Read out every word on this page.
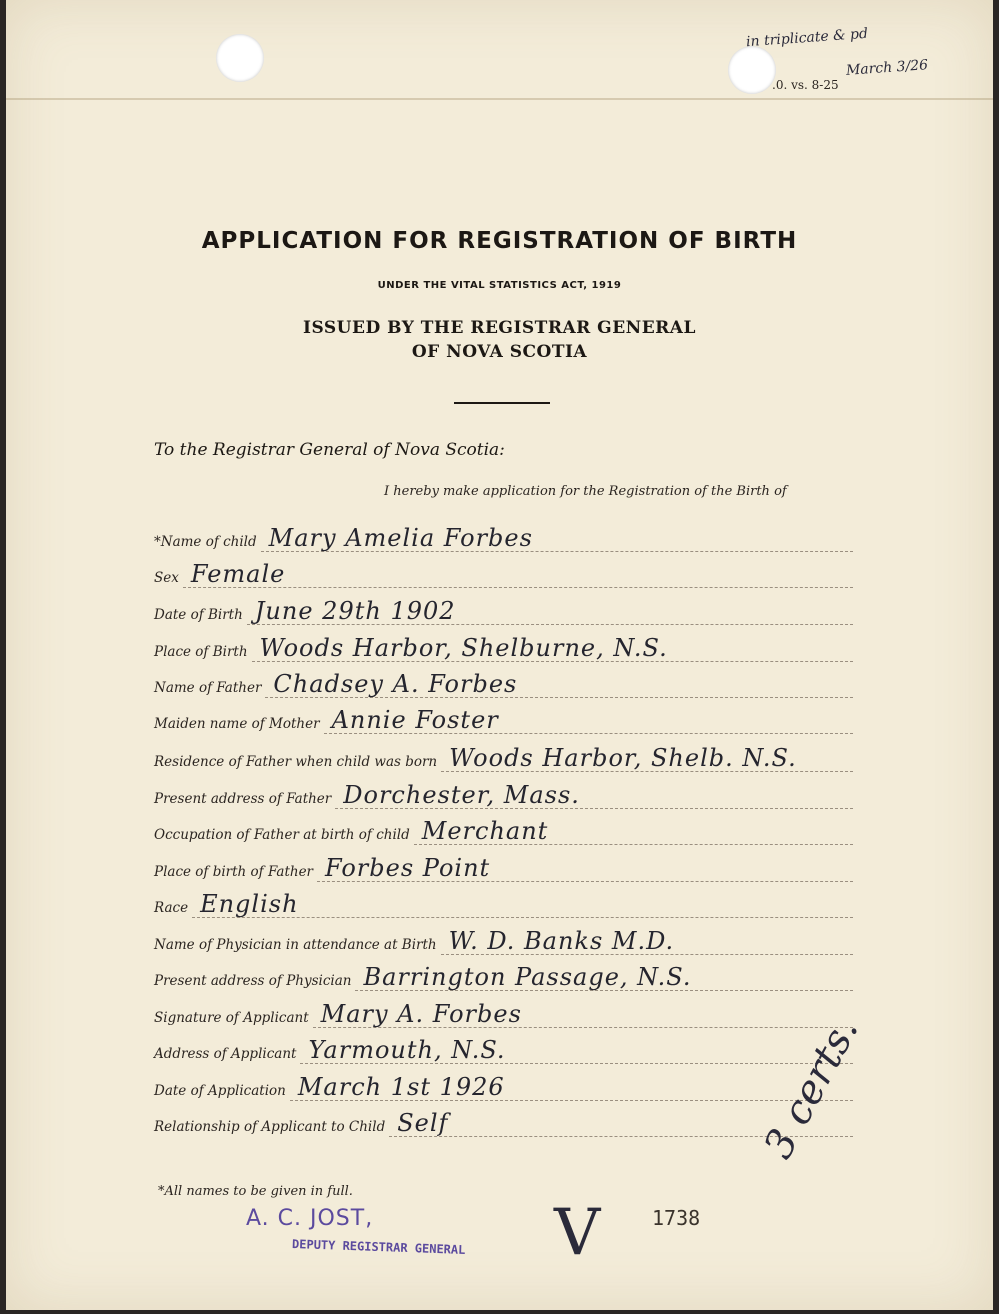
.0. vs. 8-25
in triplicate & pd
March 3/26
APPLICATION FOR REGISTRATION OF BIRTH
UNDER THE VITAL STATISTICS ACT, 1919
ISSUED BY THE REGISTRAR GENERAL
OF NOVA SCOTIA
To the Registrar General of Nova Scotia:
I hereby make application for the Registration of the Birth of
*Name of child Mary Amelia Forbes
Sex Female
Date of Birth June 29th 1902
Place of Birth Woods Harbor, Shelburne, N.S.
Name of Father Chadsey A. Forbes
Maiden name of Mother Annie Foster
Residence of Father when child was born Woods Harbor, Shelb. N.S.
Present address of Father Dorchester, Mass.
Occupation of Father at birth of child Merchant
Place of birth of Father Forbes Point
Race English
Name of Physician in attendance at Birth W. D. Banks M.D.
Present address of Physician Barrington Passage, N.S.
Signature of Applicant Mary A. Forbes
Address of Applicant Yarmouth, N.S.
Date of Application March 1st 1926
Relationship of Applicant to Child Self
*All names to be given in full.
A. C. JOST,
DEPUTY REGISTRAR GENERAL V	1738
3 certs.
